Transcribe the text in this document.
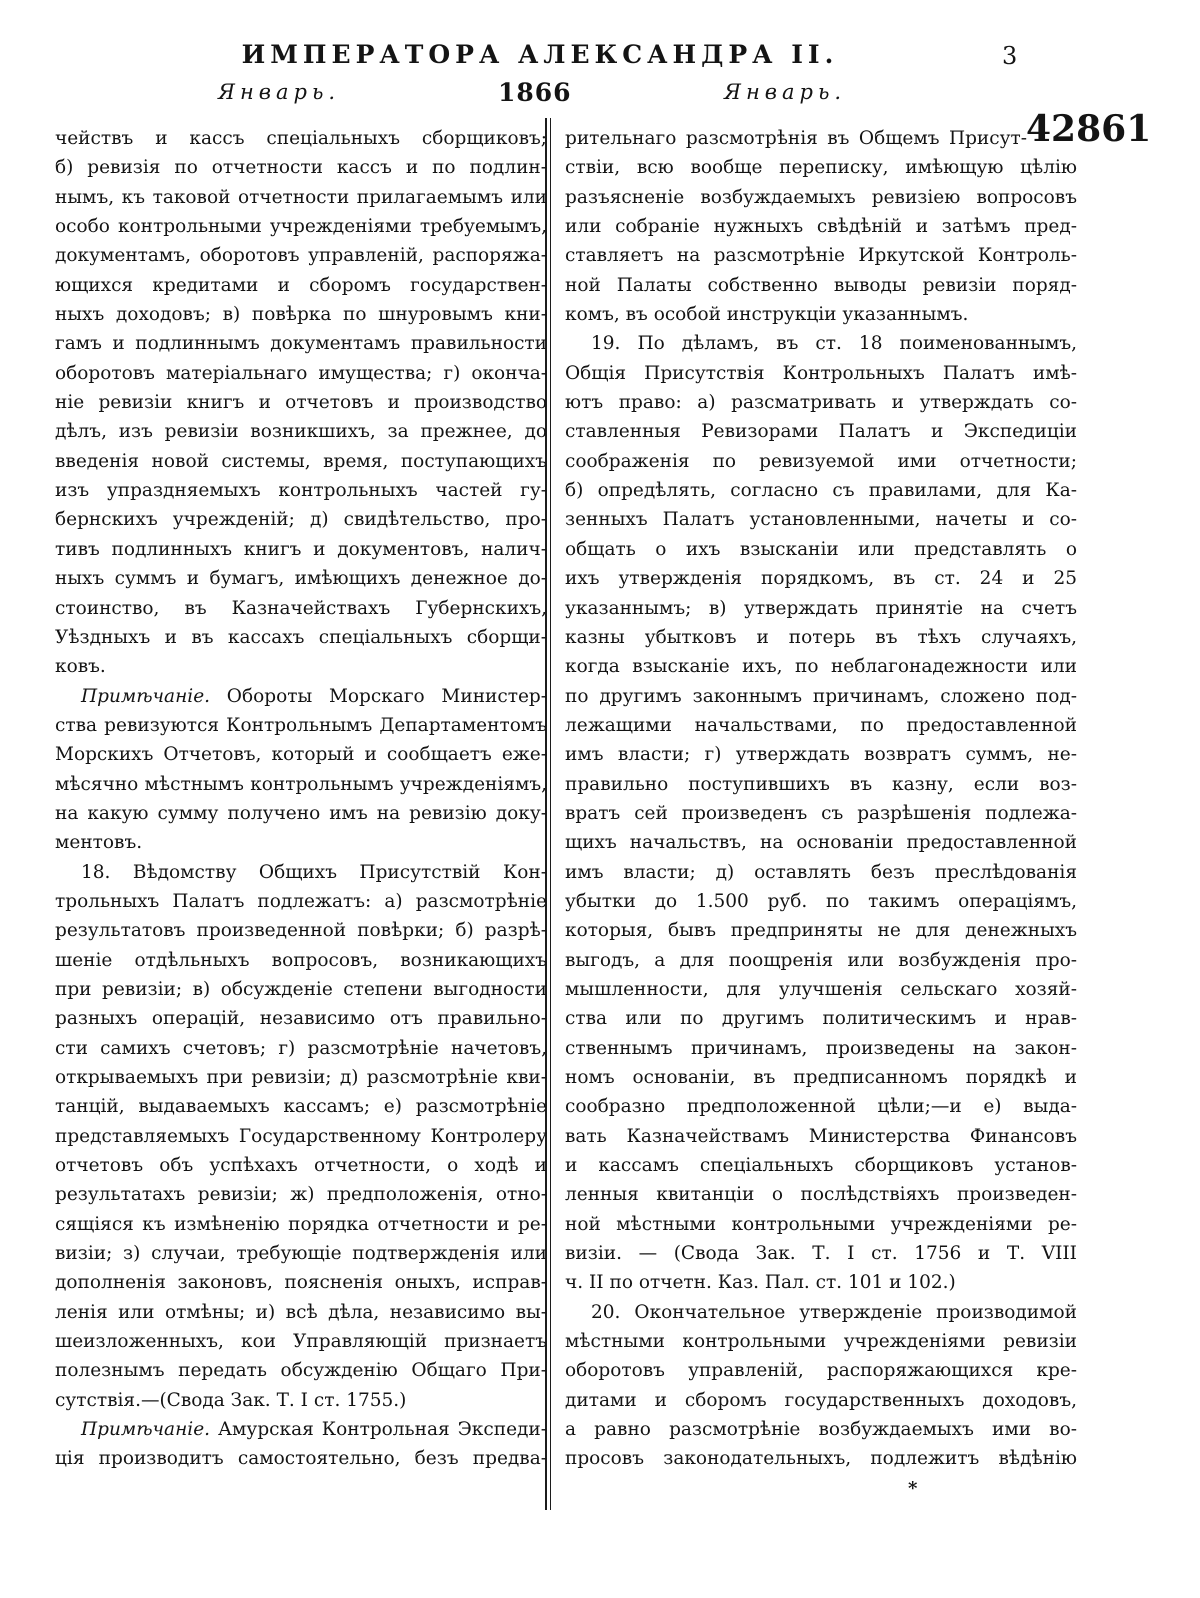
ИМПЕРАТОРА АЛЕКСАНДРА II.	3
Январь.	1866	Январь.
42861
чействъ и кассъ спеціальныхъ сборщиковъ;
б) ревизія по отчетности кассъ и по подлин-
нымъ, къ таковой отчетности прилагаемымъ или
особо контрольными учрежденіями требуемымъ,
документамъ, оборотовъ управленій, распоряжа-
ющихся кредитами и сборомъ государствен-
ныхъ доходовъ; в) повѣрка по шнуровымъ кни-
гамъ и подлиннымъ документамъ правильности
оборотовъ матеріальнаго имущества; г) оконча-
ніе ревизіи книгъ и отчетовъ и производство
дѣлъ, изъ ревизіи возникшихъ, за прежнее, до
введенія новой системы, время, поступающихъ
изъ упраздняемыхъ контрольныхъ частей гу-
бернскихъ учрежденій; д) свидѣтельство, про-
тивъ подлинныхъ книгъ и документовъ, налич-
ныхъ суммъ и бумагъ, имѣющихъ денежное до-
стоинство, въ Казначействахъ Губернскихъ,
Уѣздныхъ и въ кассахъ спеціальныхъ сборщи-
ковъ.
Примѣчаніе. Обороты Морскаго Министер-
ства ревизуются Контрольнымъ Департаментомъ
Морскихъ Отчетовъ, который и сообщаетъ еже-
мѣсячно мѣстнымъ контрольнымъ учрежденіямъ,
на какую сумму получено имъ на ревизію доку-
ментовъ.
18. Вѣдомству Общихъ Присутствій Кон-
трольныхъ Палатъ подлежатъ: а) разсмотрѣніе
результатовъ произведенной повѣрки; б) разрѣ-
шеніе отдѣльныхъ вопросовъ, возникающихъ
при ревизіи; в) обсужденіе степени выгодности
разныхъ операцій, независимо отъ правильно-
сти самихъ счетовъ; г) разсмотрѣніе начетовъ,
открываемыхъ при ревизіи; д) разсмотрѣніе кви-
танцій, выдаваемыхъ кассамъ; е) разсмотрѣніе
представляемыхъ Государственному Контролеру
отчетовъ объ успѣхахъ отчетности, о ходѣ и
результатахъ ревизіи; ж) предположенія, отно-
сящіяся къ измѣненію порядка отчетности и ре-
визіи; з) случаи, требующіе подтвержденія или
дополненія законовъ, поясненія оныхъ, исправ-
ленія или отмѣны; и) всѣ дѣла, независимо вы-
шеизложенныхъ, кои Управляющій признаетъ
полезнымъ передать обсужденію Общаго При-
сутствія.—(Свода Зак. Т. I ст. 1755.)
Примѣчаніе. Амурская Контрольная Экспеди-
ція производитъ самостоятельно, безъ предва-
рительнаго разсмотрѣнія въ Общемъ Присут-
ствіи, всю вообще переписку, имѣющую цѣлію
разъясненіе возбуждаемыхъ ревизіею вопросовъ
или собраніе нужныхъ свѣдѣній и затѣмъ пред-
ставляетъ на разсмотрѣніе Иркутской Контроль-
ной Палаты собственно выводы ревизіи поряд-
комъ, въ особой инструкціи указаннымъ.
19. По дѣламъ, въ ст. 18 поименованнымъ,
Общія Присутствія Контрольныхъ Палатъ имѣ-
ютъ право: а) разсматривать и утверждать со-
ставленныя Ревизорами Палатъ и Экспедиціи
соображенія по ревизуемой ими отчетности;
б) опредѣлять, согласно съ правилами, для Ка-
зенныхъ Палатъ установленными, начеты и со-
общать о ихъ взысканіи или представлять о
ихъ утвержденія порядкомъ, въ ст. 24 и 25
указаннымъ; в) утверждать принятіе на счетъ
казны убытковъ и потерь въ тѣхъ случаяхъ,
когда взысканіе ихъ, по неблагонадежности или
по другимъ законнымъ причинамъ, сложено под-
лежащими начальствами, по предоставленной
имъ власти; г) утверждать возвратъ суммъ, не-
правильно поступившихъ въ казну, если воз-
вратъ сей произведенъ съ разрѣшенія подлежа-
щихъ начальствъ, на основаніи предоставленной
имъ власти; д) оставлять безъ преслѣдованія
убытки до 1.500 руб. по такимъ операціямъ,
которыя, бывъ предприняты не для денежныхъ
выгодъ, а для поощренія или возбужденія про-
мышленности, для улучшенія сельскаго хозяй-
ства или по другимъ политическимъ и нрав-
ственнымъ причинамъ, произведены на закон-
номъ основаніи, въ предписанномъ порядкѣ и
сообразно предположенной цѣли;—и е) выда-
вать Казначействамъ Министерства Финансовъ
и кассамъ спеціальныхъ сборщиковъ установ-
ленныя квитанціи о послѣдствіяхъ произведен-
ной мѣстными контрольными учрежденіями ре-
визіи. — (Свода Зак. Т. I ст. 1756 и Т. VIII
ч. II по отчетн. Каз. Пал. ст. 101 и 102.)
20. Окончательное утвержденіе производимой
мѣстными контрольными учрежденіями ревизіи
оборотовъ управленій, распоряжающихся кре-
дитами и сборомъ государственныхъ доходовъ,
а равно разсмотрѣніе возбуждаемыхъ ими во-
просовъ законодательныхъ, подлежитъ вѣдѣнію
*
